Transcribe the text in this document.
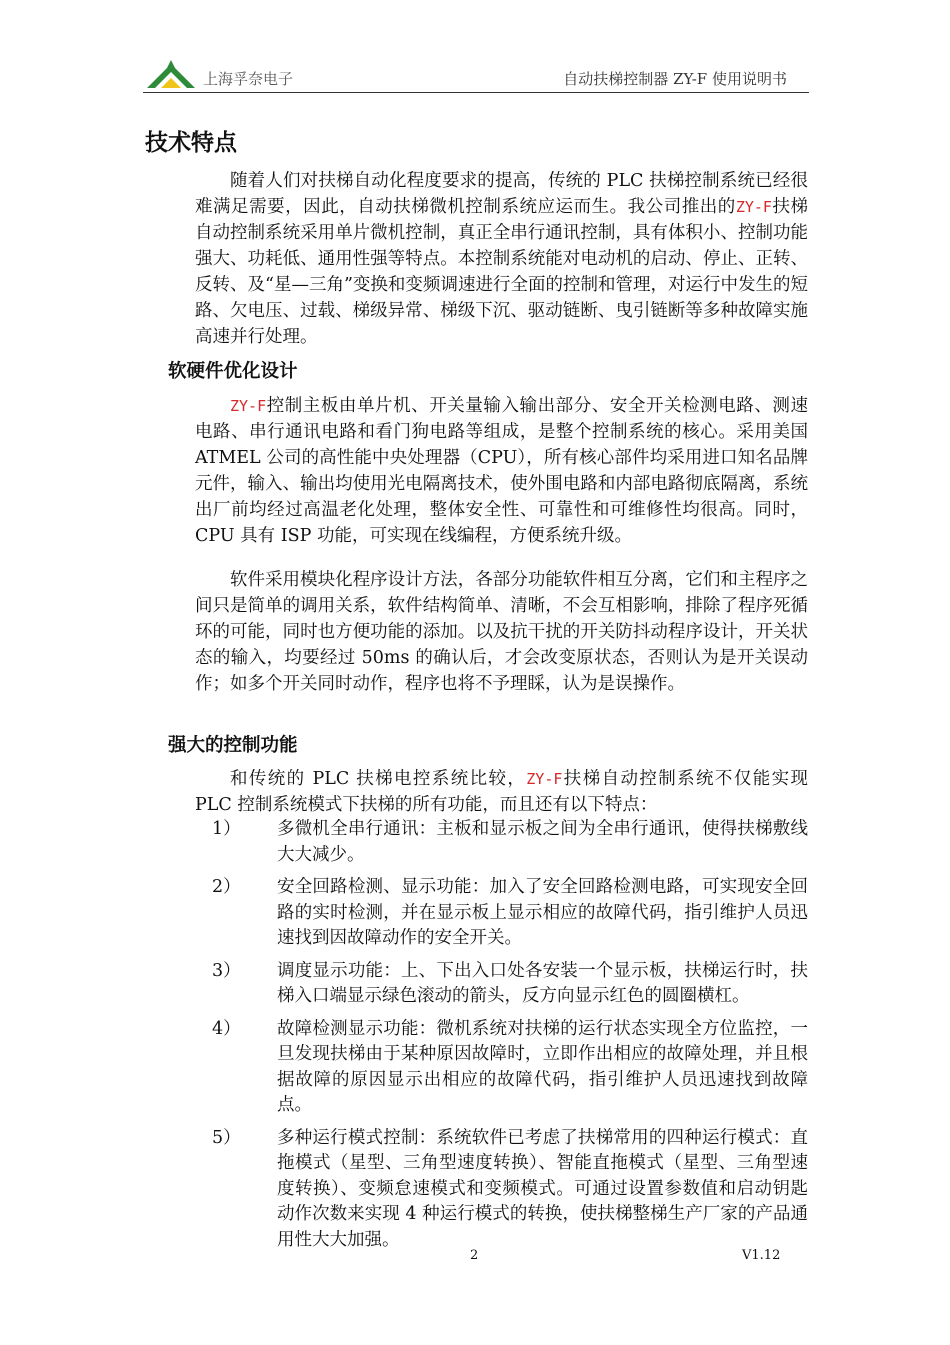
上海孚奈电子	自动扶梯控制器 ZY-F 使用说明书
技术特点

随着人们对扶梯自动化程度要求的提高，传统的 PLC 扶梯控制系统已经很难满足需要，因此，自动扶梯微机控制系统应运而生。我公司推出的ZY-F扶梯自动控制系统采用单片微机控制，真正全串行通讯控制，具有体积小、控制功能强大、功耗低、通用性强等特点。本控制系统能对电动机的启动、停止、正转、反转、及“星—三角”变换和变频调速进行全面的控制和管理，对运行中发生的短路、欠电压、过载、梯级异常、梯级下沉、驱动链断、曳引链断等多种故障实施高速并行处理。

软硬件优化设计

ZY-F控制主板由单片机、开关量输入输出部分、安全开关检测电路、测速电路、串行通讯电路和看门狗电路等组成，是整个控制系统的核心。采用美国 ATMEL 公司的高性能中央处理器（CPU），所有核心部件均采用进口知名品牌元件，输入、输出均使用光电隔离技术，使外围电路和内部电路彻底隔离，系统出厂前均经过高温老化处理，整体安全性、可靠性和可维修性均很高。同时，CPU 具有 ISP 功能，可实现在线编程，方便系统升级。

软件采用模块化程序设计方法，各部分功能软件相互分离，它们和主程序之间只是简单的调用关系，软件结构简单、清晰，不会互相影响，排除了程序死循环的可能，同时也方便功能的添加。以及抗干扰的开关防抖动程序设计，开关状态的输入，均要经过 50ms 的确认后，才会改变原状态，否则认为是开关误动作；如多个开关同时动作，程序也将不予理睬，认为是误操作。

强大的控制功能

和传统的 PLC 扶梯电控系统比较，ZY-F扶梯自动控制系统不仅能实现 PLC 控制系统模式下扶梯的所有功能，而且还有以下特点：

1） 多微机全串行通讯：主板和显示板之间为全串行通讯，使得扶梯敷线大大减少。
2） 安全回路检测、显示功能：加入了安全回路检测电路，可实现安全回路的实时检测，并在显示板上显示相应的故障代码，指引维护人员迅速找到因故障动作的安全开关。
3） 调度显示功能：上、下出入口处各安装一个显示板，扶梯运行时，扶梯入口端显示绿色滚动的箭头，反方向显示红色的圆圈横杠。
4） 故障检测显示功能：微机系统对扶梯的运行状态实现全方位监控，一旦发现扶梯由于某种原因故障时，立即作出相应的故障处理，并且根据故障的原因显示出相应的故障代码，指引维护人员迅速找到故障点。
5） 多种运行模式控制：系统软件已考虑了扶梯常用的四种运行模式：直拖模式（星型、三角型速度转换）、智能直拖模式（星型、三角型速度转换）、变频怠速模式和变频模式。可通过设置参数值和启动钥匙动作次数来实现 4 种运行模式的转换，使扶梯整梯生产厂家的产品通用性大大加强。
2	V1.12
